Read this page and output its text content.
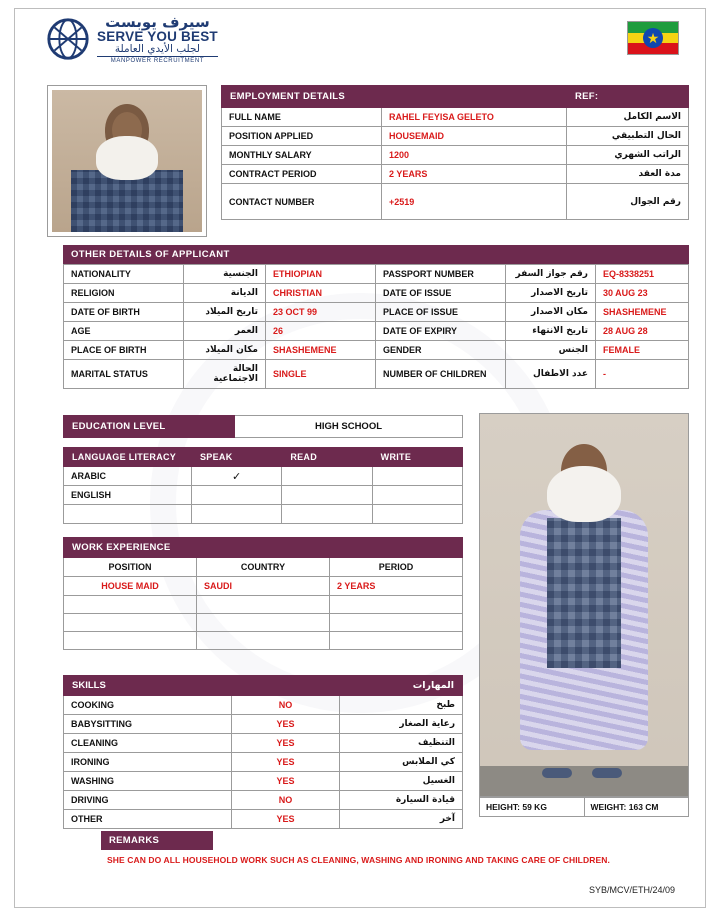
سيرف يوبست
SERVE YOU BEST
لجلب الأيدي العاملة
MANPOWER RECRUITMENT
★
EMPLOYMENT DETAILS		REF:
FULL NAME	RAHEL FEYISA GELETO	الاسم الكامل
POSITION APPLIED	HOUSEMAID	الحال التطبيقي
MONTHLY SALARY	1200	الراتب الشهري
CONTRACT PERIOD	2 YEARS	مدة العقد
CONTACT NUMBER	+2519	رقم الجوال
OTHER DETAILS OF APPLICANT
NATIONALITY	الجنسية	ETHIOPIAN	PASSPORT NUMBER	رقم جواز السفر	EQ-8338251
RELIGION	الديانة	CHRISTIAN	DATE OF ISSUE	تاريخ الاصدار	30 AUG 23
DATE OF BIRTH	تاريخ الميلاد	23 OCT 99	PLACE OF ISSUE	مكان الاصدار	SHASHEMENE
AGE	العمر	26	DATE OF EXPIRY	تاريخ الانتهاء	28 AUG 28
PLACE OF BIRTH	مكان الميلاد	SHASHEMENE	GENDER	الجنس	FEMALE
MARITAL STATUS	الحالة الاجتماعية	SINGLE	NUMBER OF CHILDREN	عدد الاطفال	-
EDUCATION LEVEL	HIGH SCHOOL
LANGUAGE LITERACY	SPEAK	READ	WRITE
ARABIC	✓		
ENGLISH			

WORK EXPERIENCE		
POSITION	COUNTRY	PERIOD
HOUSE MAID	SAUDI	2 YEARS

SKILLS		المهارات
COOKING	NO	طبخ
BABYSITTING	YES	رعاية الصغار
CLEANING	YES	التنظيف
IRONING	YES	كي الملابس
WASHING	YES	الغسيل
DRIVING	NO	قيادة السيارة
OTHER	YES	آخر
HEIGHT: 59 KG	WEIGHT: 163 CM
REMARKS
SHE CAN DO ALL HOUSEHOLD WORK SUCH AS CLEANING, WASHING AND IRONING AND TAKING CARE OF CHILDREN.
SYB/MCV/ETH/24/09
